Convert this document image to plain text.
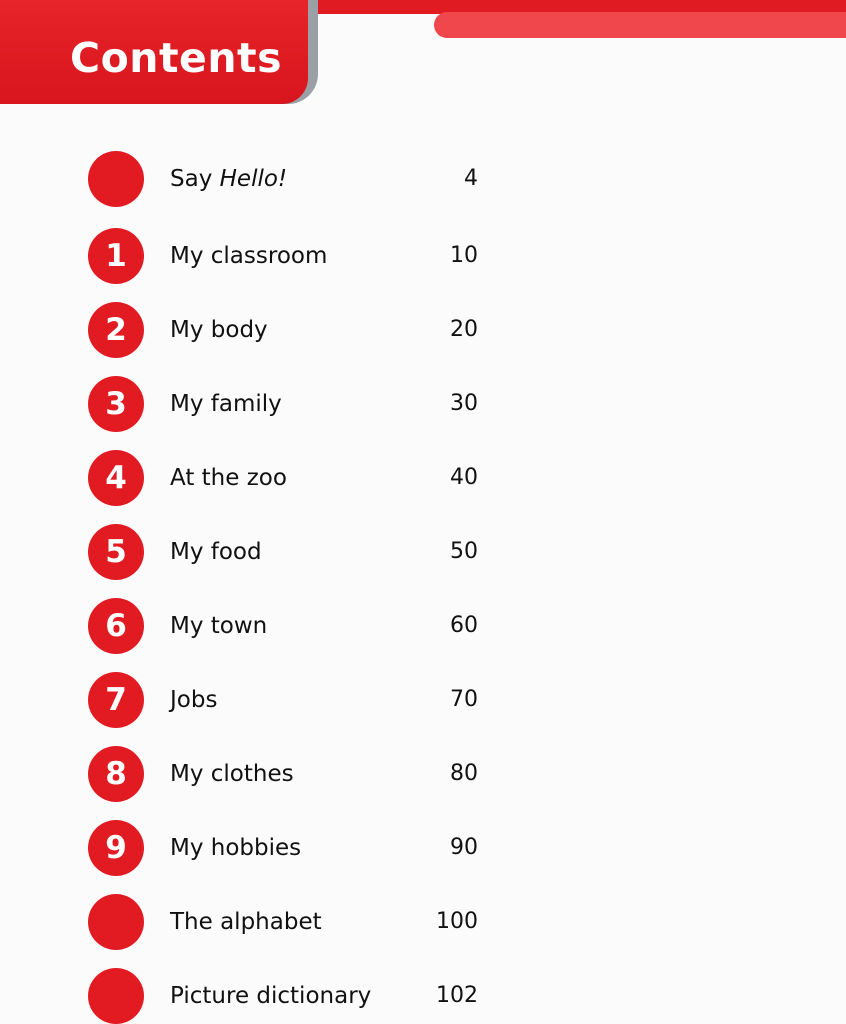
Contents
Say Hello!	4
1 My classroom	10
2 My body	20
3 My family	30
4 At the zoo	40
5 My food	50
6 My town	60
7 Jobs	70
8 My clothes	80
9 My hobbies	90
The alphabet	100
Picture dictionary	102
